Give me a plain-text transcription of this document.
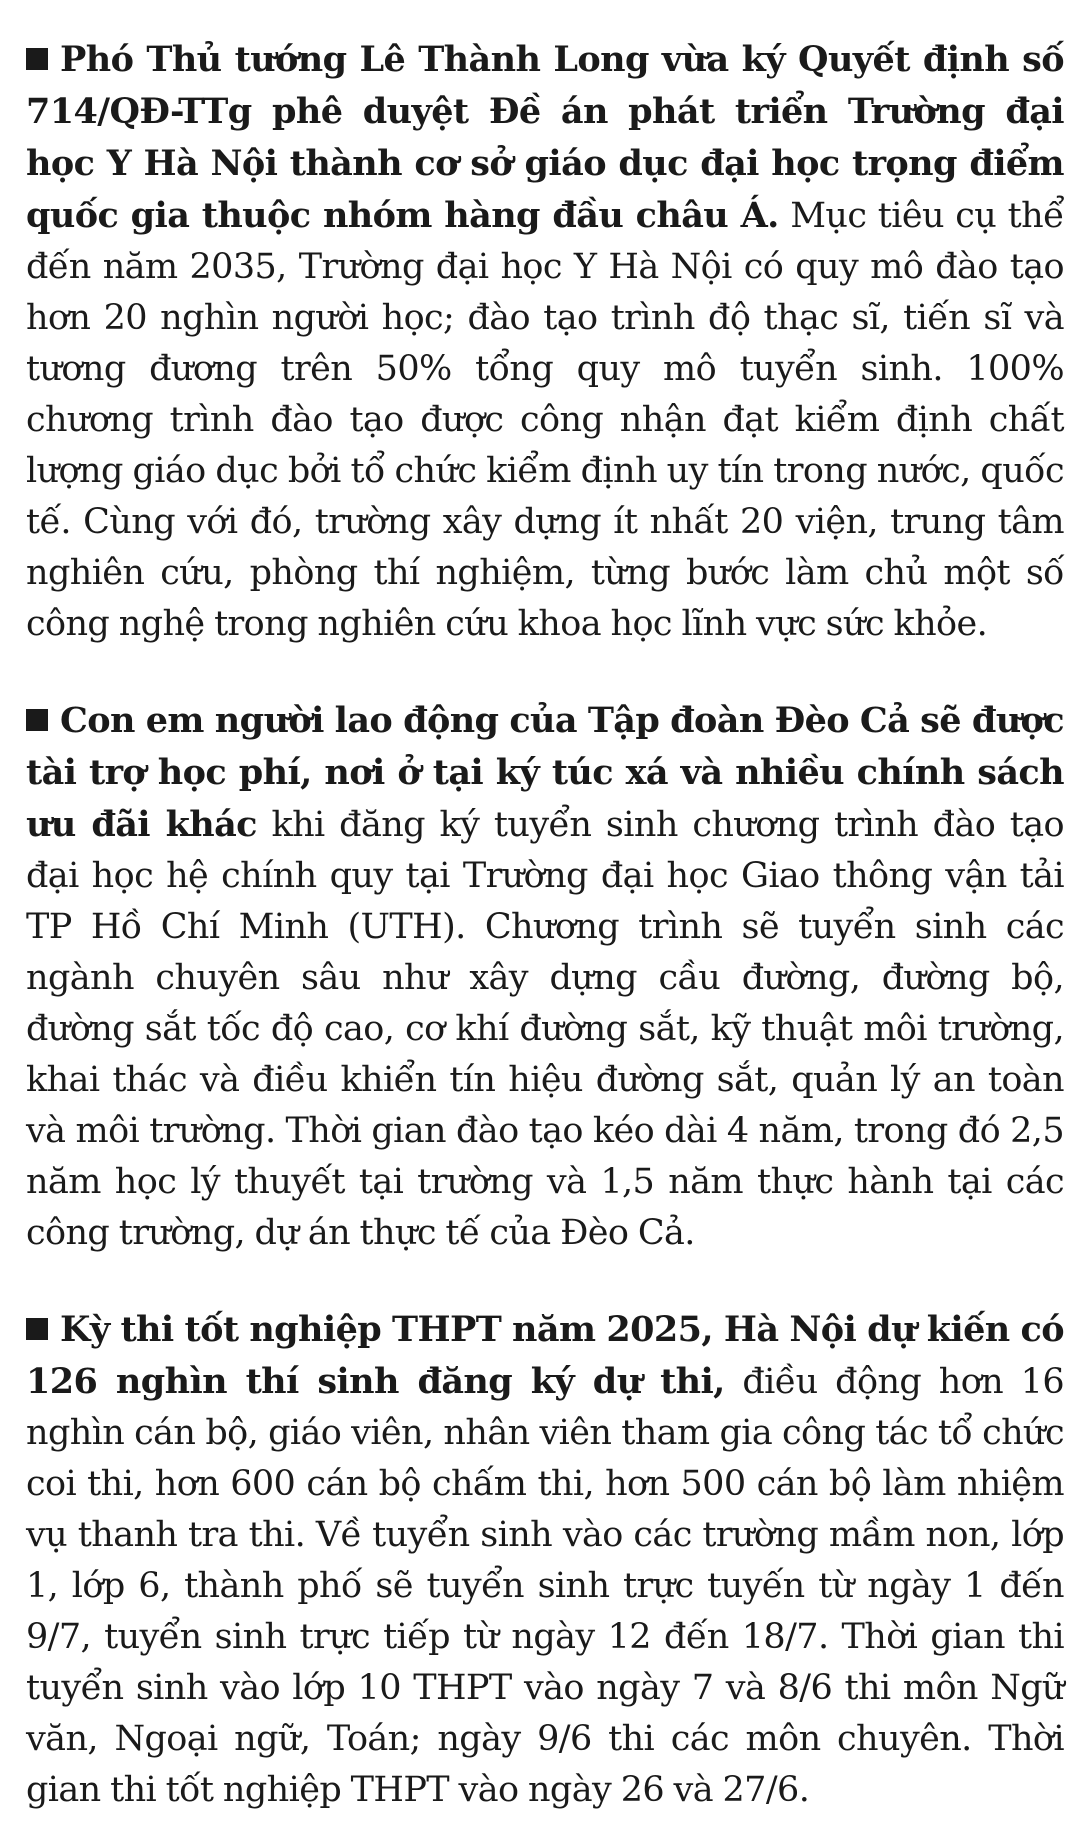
Phó Thủ tướng Lê Thành Long vừa ký Quyết định số 714/QĐ-TTg phê duyệt Đề án phát triển Trường đại học Y Hà Nội thành cơ sở giáo dục đại học trọng điểm quốc gia thuộc nhóm hàng đầu châu Á. Mục tiêu cụ thể đến năm 2035, Trường đại học Y Hà Nội có quy mô đào tạo hơn 20 nghìn người học; đào tạo trình độ thạc sĩ, tiến sĩ và tương đương trên 50% tổng quy mô tuyển sinh. 100% chương trình đào tạo được công nhận đạt kiểm định chất lượng giáo dục bởi tổ chức kiểm định uy tín trong nước, quốc tế. Cùng với đó, trường xây dựng ít nhất 20 viện, trung tâm nghiên cứu, phòng thí nghiệm, từng bước làm chủ một số công nghệ trong nghiên cứu khoa học lĩnh vực sức khỏe.

Con em người lao động của Tập đoàn Đèo Cả sẽ được tài trợ học phí, nơi ở tại ký túc xá và nhiều chính sách ưu đãi khác khi đăng ký tuyển sinh chương trình đào tạo đại học hệ chính quy tại Trường đại học Giao thông vận tải TP Hồ Chí Minh (UTH). Chương trình sẽ tuyển sinh các ngành chuyên sâu như xây dựng cầu đường, đường bộ, đường sắt tốc độ cao, cơ khí đường sắt, kỹ thuật môi trường, khai thác và điều khiển tín hiệu đường sắt, quản lý an toàn và môi trường. Thời gian đào tạo kéo dài 4 năm, trong đó 2,5 năm học lý thuyết tại trường và 1,5 năm thực hành tại các công trường, dự án thực tế của Đèo Cả.

Kỳ thi tốt nghiệp THPT năm 2025, Hà Nội dự kiến có 126 nghìn thí sinh đăng ký dự thi, điều động hơn 16 nghìn cán bộ, giáo viên, nhân viên tham gia công tác tổ chức coi thi, hơn 600 cán bộ chấm thi, hơn 500 cán bộ làm nhiệm vụ thanh tra thi. Về tuyển sinh vào các trường mầm non, lớp 1, lớp 6, thành phố sẽ tuyển sinh trực tuyến từ ngày 1 đến 9/7, tuyển sinh trực tiếp từ ngày 12 đến 18/7. Thời gian thi tuyển sinh vào lớp 10 THPT vào ngày 7 và 8/6 thi môn Ngữ văn, Ngoại ngữ, Toán; ngày 9/6 thi các môn chuyên. Thời gian thi tốt nghiệp THPT vào ngày 26 và 27/6.
